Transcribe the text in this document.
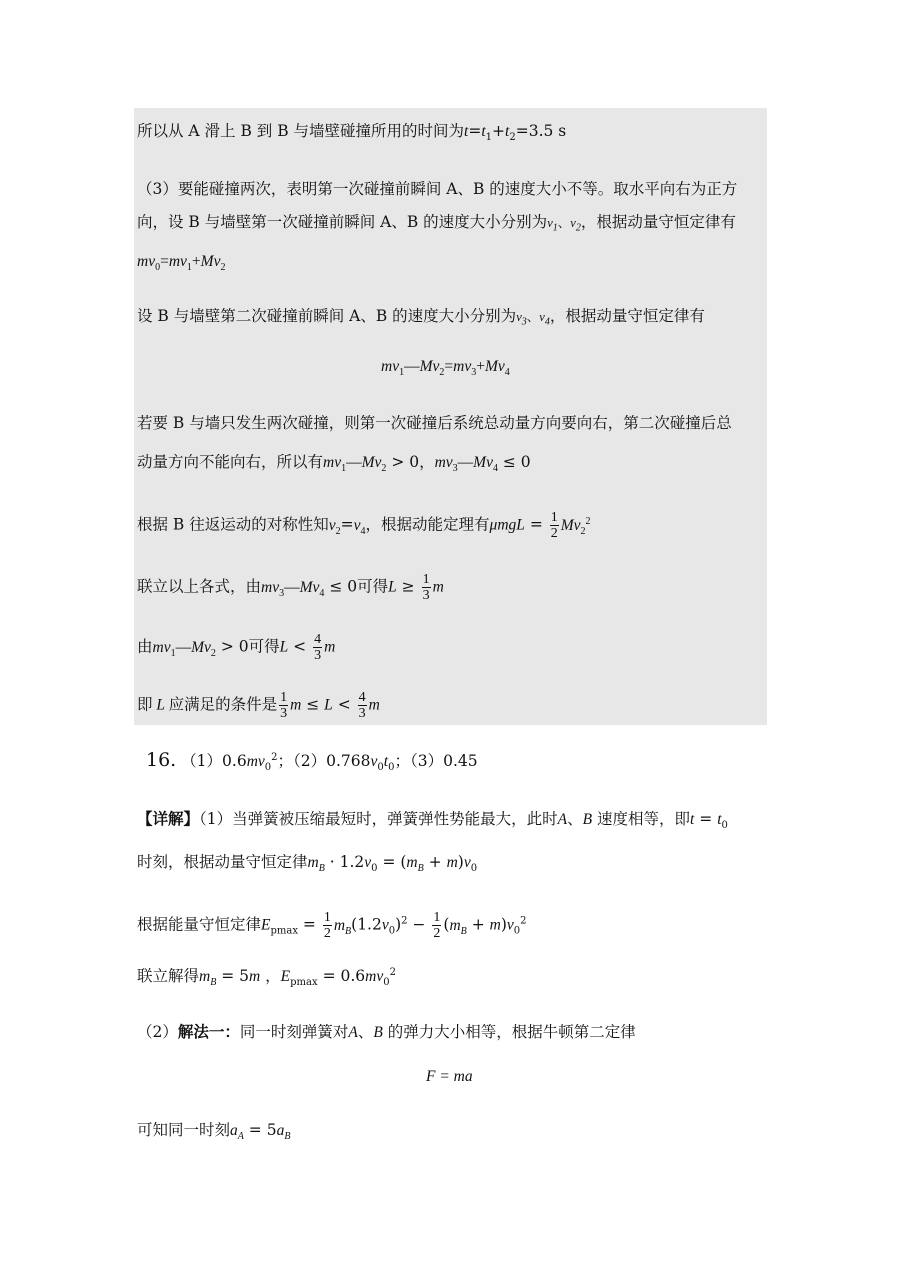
所以从 A 滑上 B 到 B 与墙壁碰撞所用的时间为$t=t_1+t_2=3.5$ s
（3）要能碰撞两次，表明第一次碰撞前瞬间 A、B 的速度大小不等。取水平向右为正方
向，设 B 与墙壁第一次碰撞前瞬间 A、B 的速度大小分别为$v_1$、$v_2$，根据动量守恒定律有
$mv_0=mv_1+Mv_2$
设 B 与墙壁第二次碰撞前瞬间 A、B 的速度大小分别为$v_3$、$v_4$，根据动量守恒定律有
$mv_1—Mv_2=mv_3+Mv_4$
若要 B 与墙只发生两次碰撞，则第一次碰撞后系统总动量方向要向右，第二次碰撞后总
动量方向不能向右，所以有$mv_1—Mv_2 > 0$，$mv_3—Mv_4 \le 0$
根据 B 往返运动的对称性知$v_2=v_4$，根据动能定理有$\mu mgL = \frac{1}{2} Mv_2^2$
联立以上各式，由$mv_3—Mv_4 \le 0$可得$L \ge \frac{1}{3}$ m
由$mv_1—Mv_2 > 0$可得$L < \frac{4}{3}$ m
即 L 应满足的条件是 $\frac{1}{3}$ $m \le L < \frac{4}{3}$ m
16. $(1)0.6mv_0^2$；$(2)0.768v_0t_0$；（3）0.45
【详解】（1）当弹簧被压缩最短时，弹簧弹性势能最大，此时A、B 速度相等，即$t = t_0$
时刻，根据动量守恒定律$m_B \cdot 1.2v_0 = (m_B + m)v_0$
根据能量守恒定律$E_{pmax} = \frac{1}{2} m_B(1.2v_0)^2 - \frac{1}{2} (m_B + m)v_0^2$
联立解得$m_B = 5m$ ，$E_{pmax} = 0.6mv_0^2$
（2）解法一：同一时刻弹簧对A、B 的弹力大小相等，根据牛顿第二定律
F = ma
可知同一时刻$a_A = 5a_B$
